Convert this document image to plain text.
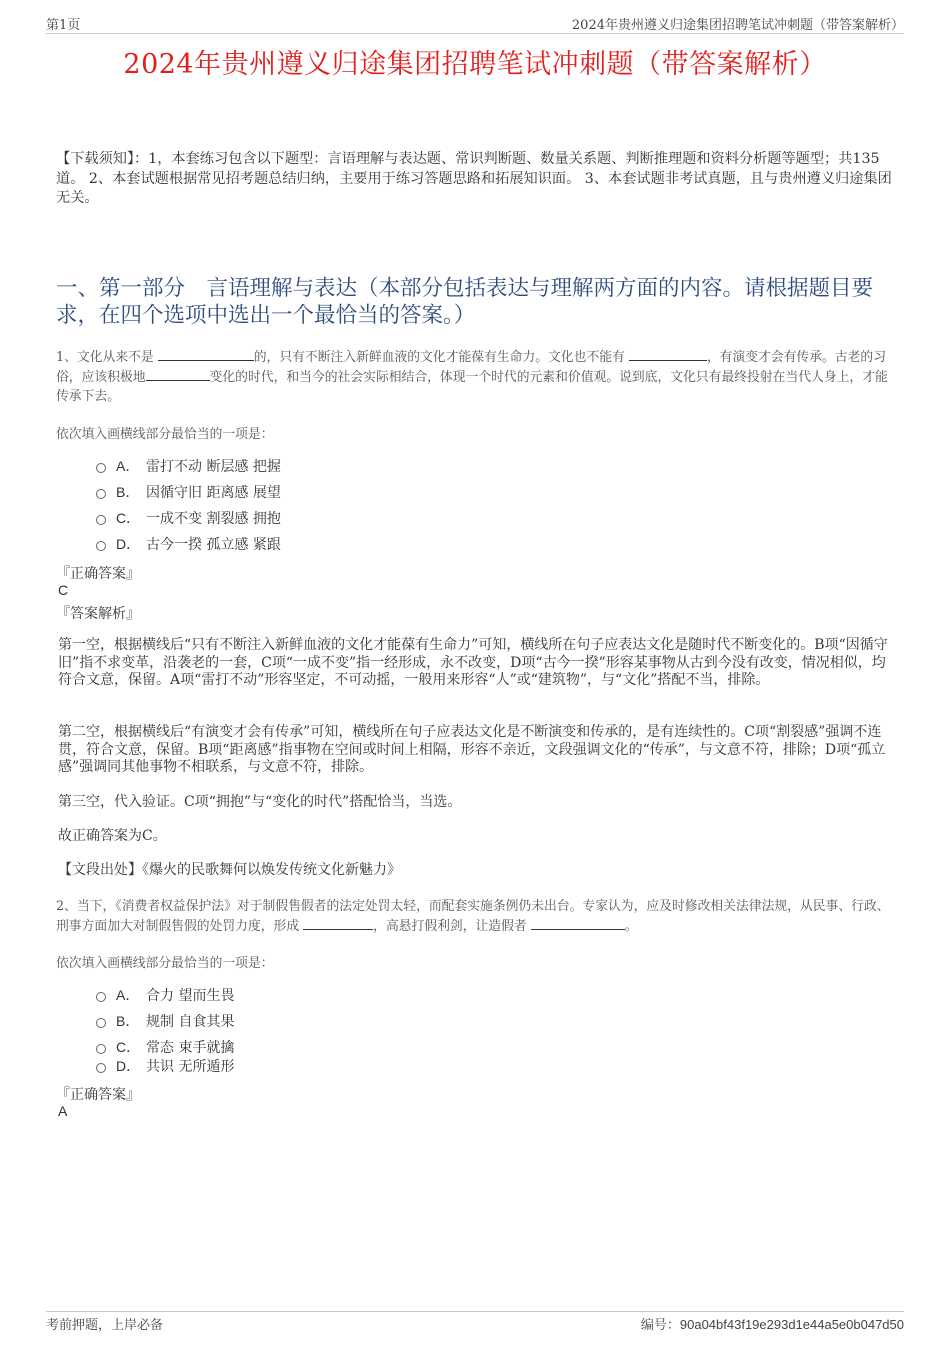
第1页	2024年贵州遵义归途集团招聘笔试冲刺题（带答案解析）
2024年贵州遵义归途集团招聘笔试冲刺题（带答案解析）
【下载须知】：1，本套练习包含以下题型：言语理解与表达题、常识判断题、数量关系题、判断推理题和资料分析题等题型；共135道。 2、本套试题根据常见招考题总结归纳，主要用于练习答题思路和拓展知识面。 3、本套试题非考试真题，且与贵州遵义归途集团无关。
一、第一部分　言语理解与表达（本部分包括表达与理解两方面的内容。请根据题目要求，在四个选项中选出一个最恰当的答案。）
1、文化从来不是	的，只有不断注入新鲜血液的文化才能葆有生命力。文化也不能有	，有演变才会有传承。古老的习俗，应该积极地	变化的时代，和当今的社会实际相结合，体现一个时代的元素和价值观。说到底，文化只有最终投射在当代人身上，才能传承下去。
依次填入画横线部分最恰当的一项是：
A． 雷打不动 断层感 把握
B． 因循守旧 距离感 展望
C． 一成不变 割裂感 拥抱
D． 古今一揆 孤立感 紧跟
『正确答案』
C
『答案解析』
第一空，根据横线后“只有不断注入新鲜血液的文化才能葆有生命力”可知，横线所在句子应表达文化是随时代不断变化的。B项“因循守旧”指不求变革，沿袭老的一套，C项“一成不变”指一经形成，永不改变，D项“古今一揆”形容某事物从古到今没有改变，情况相似，均符合文意，保留。A项“雷打不动”形容坚定，不可动摇，一般用来形容“人”或“建筑物”，与“文化”搭配不当，排除。
第二空，根据横线后“有演变才会有传承”可知，横线所在句子应表达文化是不断演变和传承的，是有连续性的。C项“割裂感”强调不连贯，符合文意，保留。B项“距离感”指事物在空间或时间上相隔，形容不亲近，文段强调文化的“传承”，与文意不符，排除；D项“孤立感”强调同其他事物不相联系，与文意不符，排除。
第三空，代入验证。C项“拥抱”与“变化的时代”搭配恰当，当选。
故正确答案为C。
【文段出处】《爆火的民歌舞何以焕发传统文化新魅力》
2、当下，《消费者权益保护法》对于制假售假者的法定处罚太轻，而配套实施条例仍未出台。专家认为，应及时修改相关法律法规，从民事、行政、刑事方面加大对制假售假的处罚力度，形成	，高悬打假利剑，让造假者	。
依次填入画横线部分最恰当的一项是：
A． 合力 望而生畏
B． 规制 自食其果
C． 常态 束手就擒
D． 共识 无所遁形
『正确答案』
A
考前押题，上岸必备	编号：90a04bf43f19e293d1e44a5e0b047d50
